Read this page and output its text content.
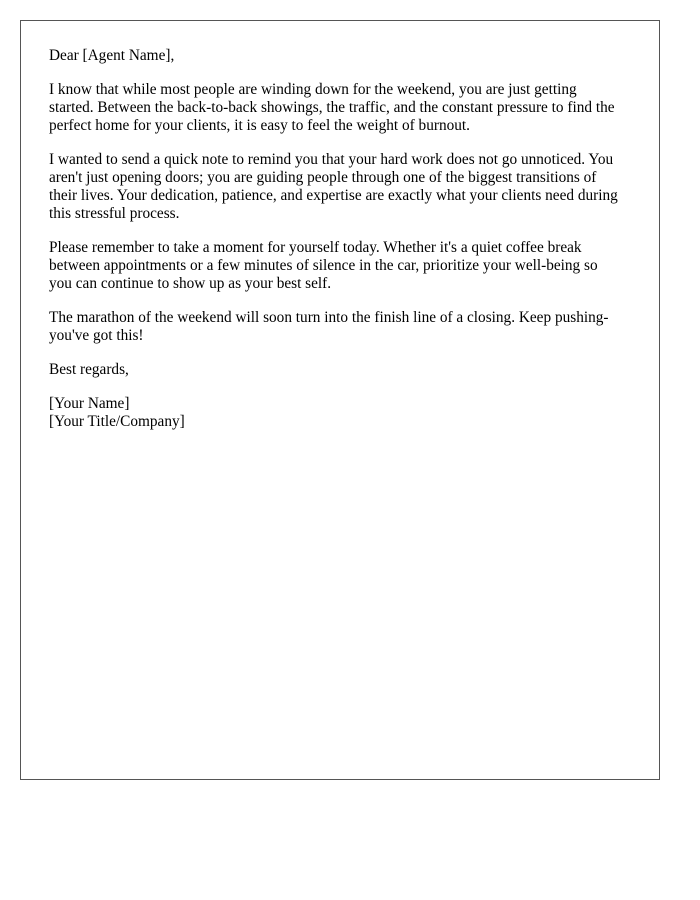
Dear [Agent Name],

I know that while most people are winding down for the weekend, you are just getting started. Between the back-to-back showings, the traffic, and the constant pressure to find the perfect home for your clients, it is easy to feel the weight of burnout.

I wanted to send a quick note to remind you that your hard work does not go unnoticed. You aren't just opening doors; you are guiding people through one of the biggest transitions of their lives. Your dedication, patience, and expertise are exactly what your clients need during this stressful process.

Please remember to take a moment for yourself today. Whether it's a quiet coffee break between appointments or a few minutes of silence in the car, prioritize your well-being so you can continue to show up as your best self.

The marathon of the weekend will soon turn into the finish line of a closing. Keep pushing-you've got this!

Best regards,

[Your Name]
[Your Title/Company]
